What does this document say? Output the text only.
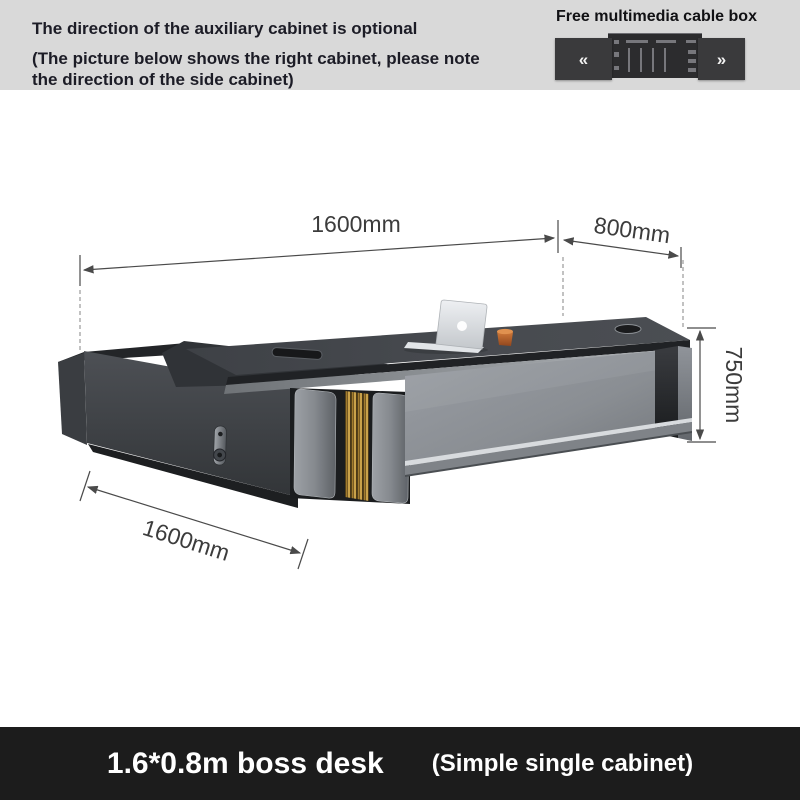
The direction of the auxiliary cabinet is optional
(The picture below shows the right cabinet, please note
the direction of the side cabinet)
Free multimedia cable box
«	»
1600mm	800mm
750mm
1600mm
1.6*0.8m boss desk (Simple single cabinet)
